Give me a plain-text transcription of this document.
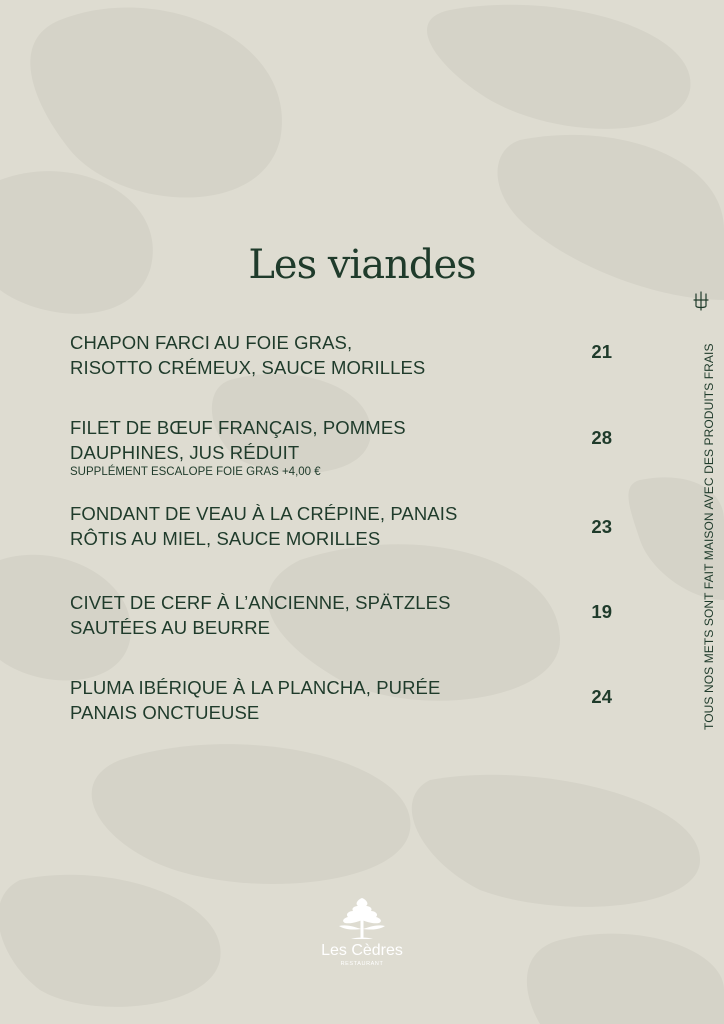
Les viandes
CHAPON FARCI AU FOIE GRAS,
RISOTTO CRÉMEUX, SAUCE MORILLES
21
FILET DE BŒUF FRANÇAIS, POMMES
DAUPHINES, JUS RÉDUIT
SUPPLÉMENT ESCALOPE FOIE GRAS +4,00 €
28
FONDANT DE VEAU À LA CRÉPINE, PANAIS
RÔTIS AU MIEL, SAUCE MORILLES
23
CIVET DE CERF À L’ANCIENNE, SPÄTZLES
SAUTÉES AU BEURRE
19
PLUMA IBÉRIQUE À LA PLANCHA, PURÉE
PANAIS ONCTUEUSE
24	TOUS NOS METS SONT FAIT MAISON AVEC DES PRODUITS FRAIS
Les Cèdres
RESTAURANT
